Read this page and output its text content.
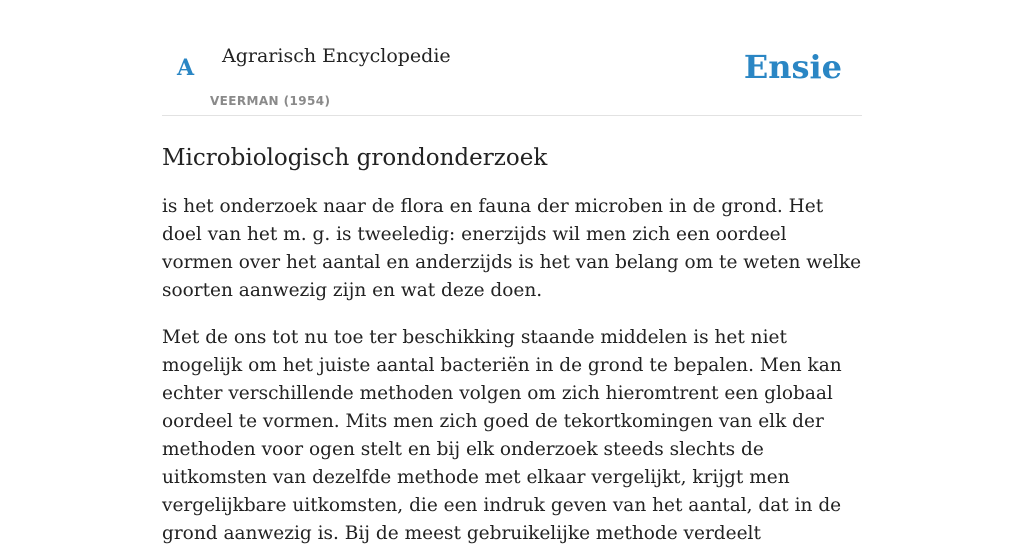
A Agrarisch Encyclopedie
VEERMAN (1954)
Ensie
Microbiologisch grondonderzoek

is het onderzoek naar de flora en fauna der microben in de grond. Het doel van het m. g. is tweeledig: enerzijds wil men zich een oordeel vormen over het aantal en anderzijds is het van belang om te weten welke soorten aanwezig zijn en wat deze doen.

Met de ons tot nu toe ter beschikking staande middelen is het niet mogelijk om het juiste aantal bacteriën in de grond te bepalen. Men kan echter verschillende methoden volgen om zich hieromtrent een globaal oordeel te vormen. Mits men zich goed de tekortkomingen van elk der methoden voor ogen stelt en bij elk onderzoek steeds slechts de uitkomsten van dezelfde methode met elkaar vergelijkt, krijgt men vergelijkbare uitkomsten, die een indruk geven van het aantal, dat in de grond aanwezig is. Bij de meest gebruikelijke methode verdeelt
